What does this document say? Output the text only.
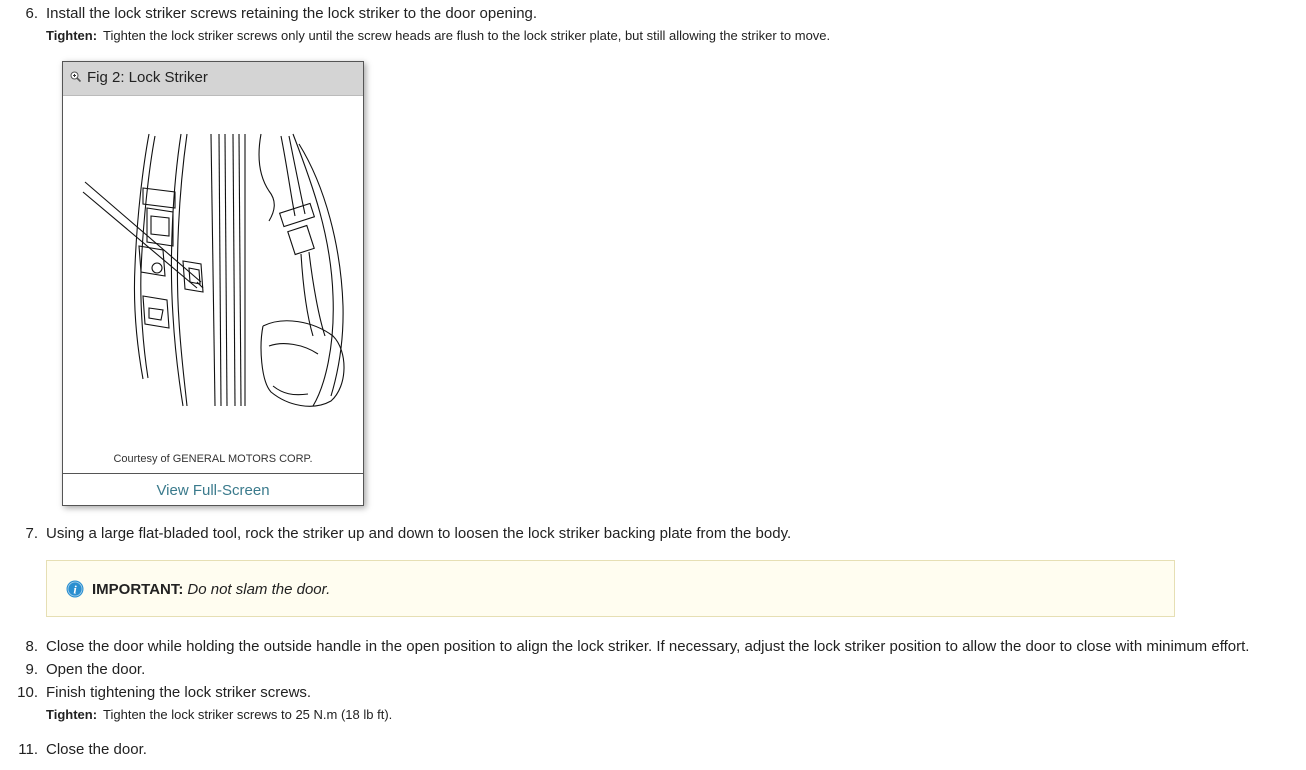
6. Install the lock striker screws retaining the lock striker to the door opening.
Tighten: Tighten the lock striker screws only until the screw heads are flush to the lock striker plate, but still allowing the striker to move.
Fig 2: Lock Striker
Courtesy of GENERAL MOTORS CORP.
View Full-Screen
7. Using a large flat-bladed tool, rock the striker up and down to loosen the lock striker backing plate from the body.
i IMPORTANT: Do not slam the door.
8. Close the door while holding the outside handle in the open position to align the lock striker. If necessary, adjust the lock striker position to allow the door to close with minimum effort.
9. Open the door.
10. Finish tightening the lock striker screws.
Tighten: Tighten the lock striker screws to 25 N.m (18 lb ft).
11. Close the door.
